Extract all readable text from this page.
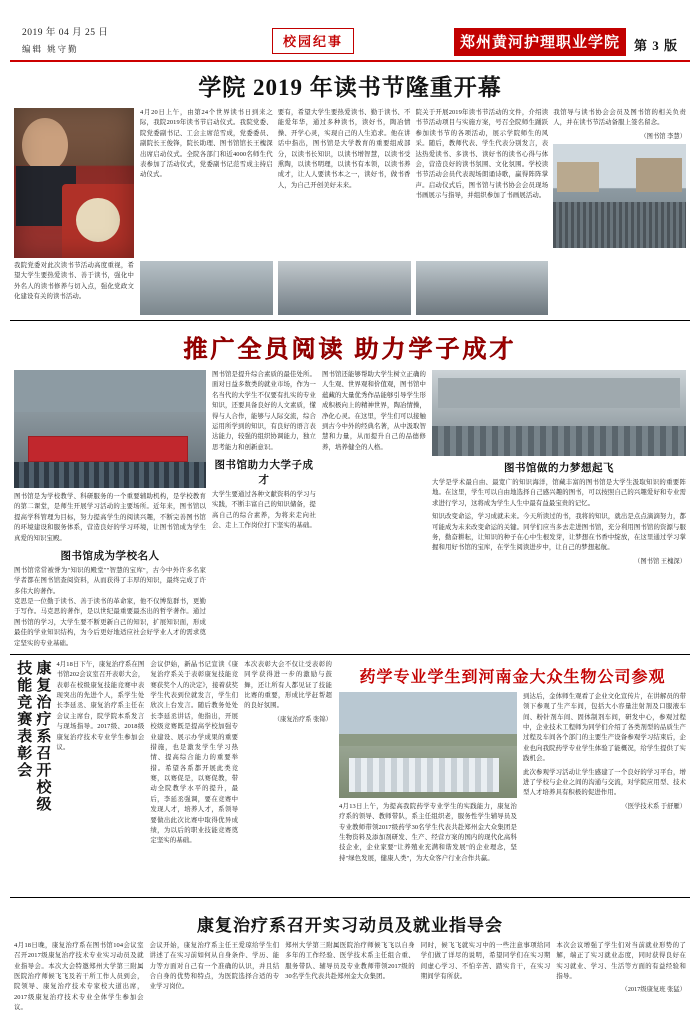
2019 年 04 月 25 日
编辑 姚守勤
校园纪事	郑州黄河护理职业学院	第 3 版
学院 2019 年读书节隆重开幕
4月20日上午，由第24个世界读书日到来之际，我院2019年读书节启动仪式。我院党委、院党委副书记、工会主席范雪成，党委委员、副院长王俊锋，院长助理、图书馆馆长王槐深出席启动仪式。全院各部门和近4000名师生代表参加了活动仪式，党委副书记范雪成主持启动仪式。
要有，希望大学生要热爱读书、勤于读书、不能爱年华，通过多种读书，读好书，陶冶情操、开学心灵，实现自己的人生追求。他在讲话中指出，图书馆是大学教育的重要组成部分，以读书长知识，以读书增智慧，以读书受熏陶，以读书明理，以读书有本领，以读书养成才，让人人要读书本之一，读好书，做书香人，为自己开创美好未来。
院关于开展2019年读书节活动的文件，介绍读书节活动项目与实施方案，号召全院师生踊跃参加读书节的各项活动，展示学院师生的风采。随后，教师代表、学生代表分别发言，表达热爱读书、多读书、读好书的读书心得与体会，营造良好的读书氛围、文化氛围。学校读书节活动会员代表现场朗诵诗歌，赢得阵阵掌声。启动仪式后，图书馆与读书协会会员现场书画展示与指导，并组织参加了书画展活动。
我馆导与读书协会会员及图书馆的相关负责人，并在读书节活动备服上签名留念。
（图书馆 李慧）
我院党委对此次读书节活动高度重视，希望大学生要热爱读书、善于读书，强化中外名人的读书修养与切入点，强化党政文化建设有关的读书活动。
推广全员阅读 助力学子成才
图书馆是为学校教学、科研服务的一个重要辅助机构，是学校教育的第二课堂，是师生开展学习活动的主要场所。近年来，图书馆以提高学科管理为目标，努力提高学生的阅读兴趣，不断完善图书馆的环境建设和服务体系，营造良好的学习环境，让图书馆成为学生真爱的知识宝殿。
图书馆成为学校名人
图书馆常常被誉为"知识的殿堂""智慧的宝库"，古今中外许多名家学者都在图书馆查阅资料，从而获得了丰厚的知识，最终完成了许多伟大的著作。
克思是一位勤于读书、善于读书的革命家，他不仅博览群书，更勤于写作。马克思的著作，是以世纪最重要最杰出的哲学著作。通过图书馆的学习，大学生要不断更新自己的知识，扩展知识面，形成最佳的学业知识结构，为今后更好地适应社会好学业人才的需求奠定坚实的专业基础。
图书馆是提升综合素质的最佳处所。面对日益多数类的就业市场，作为一名当代的大学生不仅要有扎实的专业知识，还要具备良好的人文素质，懂得与人合作，能够与人际交流，综合运用所学到的知识，有良好的语言表达能力，较强的组织协调能力，独立思考能力和创新意识。
图书馆助力大学子成才
大学生要通过各种文献资料的学习与实践，不断丰富自己的知识储备，提高自己的综合素养，为将来走向社会、走上工作岗位打下坚实的基础。
图书馆还能够帮助大学生树立正确的人生观、世界观和价值观，图书馆中蕴藏的大量优秀作品能够引导学生形成积极向上的精神世界，陶冶情操，净化心灵。在这里，学生们可以接触到古今中外的经典名著，从中汲取智慧和力量，从而提升自己的品德修养，培养健全的人格。
图书馆做的力梦想起飞
大学是学术最自由、最宽广的知识海洋，馆藏丰富的图书馆是大学生汲取知识的重要阵地。在这里，学生可以自由地选择自己感兴趣的图书，可以按照自己的兴趣爱好和专业需求进行学习，这将成为学生人生中最有益最宝贵的记忆。
知识改变命运，学习成就未来。今天所读过的书，我将的知识，就出是点点滴滴努力，都可能成为未来改变命运的关键。同学们应当多去走进图书馆，充分利用图书馆的资源与服务，勤奋耕耘，让知识的种子在心中生根发芽，让梦想在书香中绽放，在这里通过学习掌握和用好书馆的宝库，在学生阅读进步中，让自己的梦想起航。
（图书馆 王槐深）
技能竞赛表彰会 康复治疗系召开校级 4月18日下午，康复治疗系在图书馆202会议室召开表彰大会，表彰在校级康复技能竞赛中表现突出的先进个人，系学生处长李延丞、康复治疗系主任在会议主席台，院学院本系发言与现场指导。2017级、2018级康复治疗技术专业学生参加会议。
会议伊始，新晶书记宣读《康复治疗系关于表彰康复技能竞赛获奖个人的决定》，接着获奖学生代表到位就发言，学生们欣次上台发言。随后教务处处长李延丞讲话，他指出，开展校级竞赛既是提高学校加强专业建设、展示办学成果的重要措施，也是激发学生学习热情、提高综合能力的重要举措。希望各系都开展此类竞赛，以赛促是，以赛促教，带动全院教学水平的提升，最后，李延丞强调，要在竞赛中发现人才，培养人才，系领导要做出此次比赛中取得优异成绩，为以后的职业技能竞赛奠定坚实的基础。
本次表彰大会不仅让受表彰的同学获得进一步的激励与鼓舞，还让所有人都见证了技能比赛的重要，形成比学赶帮超的良好氛围。
（康复治疗系 张锦）
药学专业学生到河南金大众生物公司参观
4月13日上午，为提高我院药学专业学生的实践能力，康复治疗系的领导、教师带队，系主任组织老，服务性学生辅导员及专业教师带领2017级药学30名学生代表共赴郑州金大众集团是生物资料及添加剂研发、生产、经营方案的国内的现代化高科技企业，企业家要"让养殖业充满和谐发展"的企业理念，坚持"绿色发展，健康人类"，为大众客户行业合作共赢。
到达后，金体师生观看了企业文化宣传片，在讲解员的带领下参观了生产车间，包括大小容量注射剂及口服液车间、粉针剂车间、固体制剂车间，研发中心，参观过程中，企业技术工程师为同学们介绍了各类剂型的品质生产过程及车间各个部门的主要生产设备参观学习结束后，企业也向我院药学专业学生体验了能概况，给学生提供了实践机会。
此次参观学习活动让学生感建了一个良好的学习平台，增进了学校与企业之间的沟通与交流，对学院应用型、技术型人才培养具有积极的促进作用。
（医学技术系 于舒雁）
康复治疗系召开实习动员及就业指导会
4月18日晚，康复治疗系在图书馆104会议室召开2017级康复治疗技术专业实习动员及就业指导会。本次大会特邀郑州大学第三附属医院治疗师候飞飞及若干所工作人员到会，院领导、康复治疗技术专家校大道出席，2017级康复治疗技术专业全体学生参加会议。
会议开始，康复治疗系主任王爱琼给学生们讲述了在实习前如何从自身条件、学历、能力等方面对自己有一个准确的认识，并且结合自身的优势和特点，为医院选择合适的专业学习岗位。
郑州大学第三附属医院治疗师候飞飞以自身多年的工作经验、医学技术系主任组合重、服务带队、辅导员及专业教师带领2017级的30名学生代表共赴郑州金大众集团。
同时，候飞飞就实习中的一些注意事项给同学们做了详尽的说明，希望同学们在实习期间虚心学习、不怕辛苦、踏实肯干，在实习期间学有所获。
本次会议增强了学生们对当前就业形势的了解，端正了实习就业态度，同时获得良好在实习就业、学习、生活等方面的有益经验和指导。
（2017级康复班 张猛）
